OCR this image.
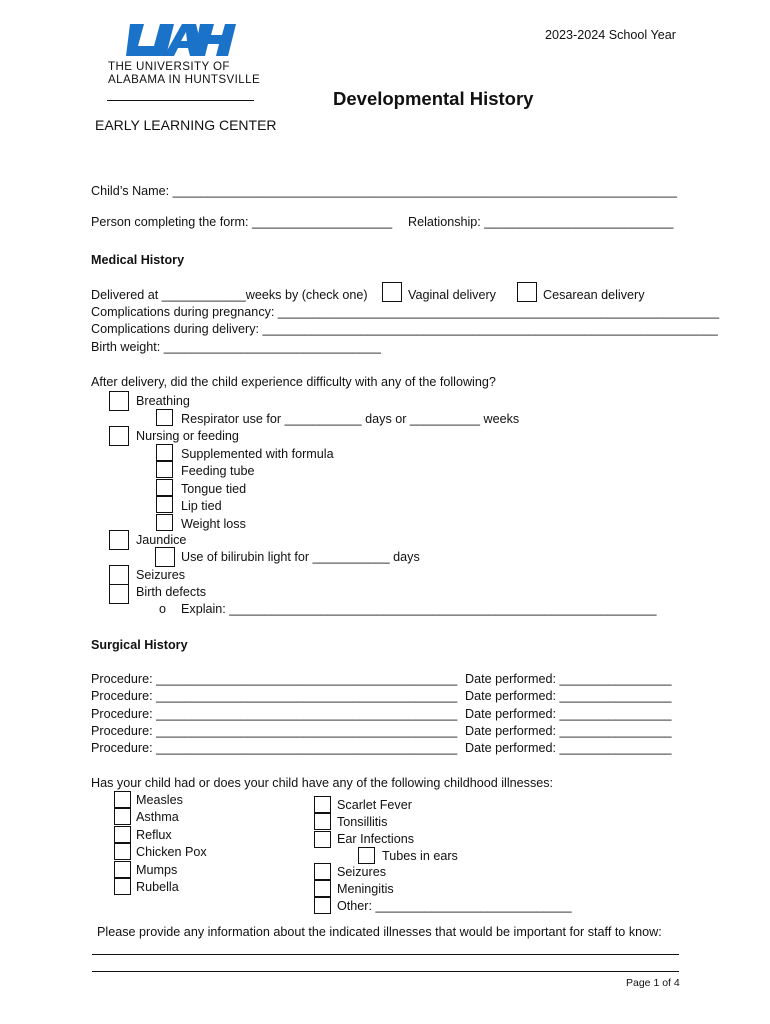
THE UNIVERSITY OF
ALABAMA IN HUNTSVILLE
EARLY LEARNING CENTER
2023-2024 School Year
Developmental History
Child’s Name: ________________________________________________________________________
Person completing the form: ____________________ Relationship: ___________________________
Medical History
Delivered at ____________weeks by (check one)	Vaginal delivery	Cesarean delivery
Complications during pregnancy: _______________________________________________________________
Complications during delivery: _________________________________________________________________
Birth weight: _______________________________
After delivery, did the child experience difficulty with any of the following?
Breathing
Respirator use for ___________ days or __________ weeks
Nursing or feeding
Supplemented with formula
Feeding tube
Tongue tied
Lip tied
Weight loss
Jaundice
Use of bilirubin light for ___________ days
Seizures
Birth defects
o Explain: _____________________________________________________________
Surgical History
Procedure: ___________________________________________ Date performed: ________________
Procedure: ___________________________________________ Date performed: ________________
Procedure: ___________________________________________ Date performed: ________________
Procedure: ___________________________________________ Date performed: ________________
Procedure: ___________________________________________ Date performed: ________________
Has your child had or does your child have any of the following childhood illnesses:
Measles
Asthma
Reflux
Chicken Pox
Mumps
Rubella
Scarlet Fever
Tonsillitis
Ear Infections
Tubes in ears
Seizures
Meningitis
Other: ____________________________
Please provide any information about the indicated illnesses that would be important for staff to know:
Page 1 of 4
